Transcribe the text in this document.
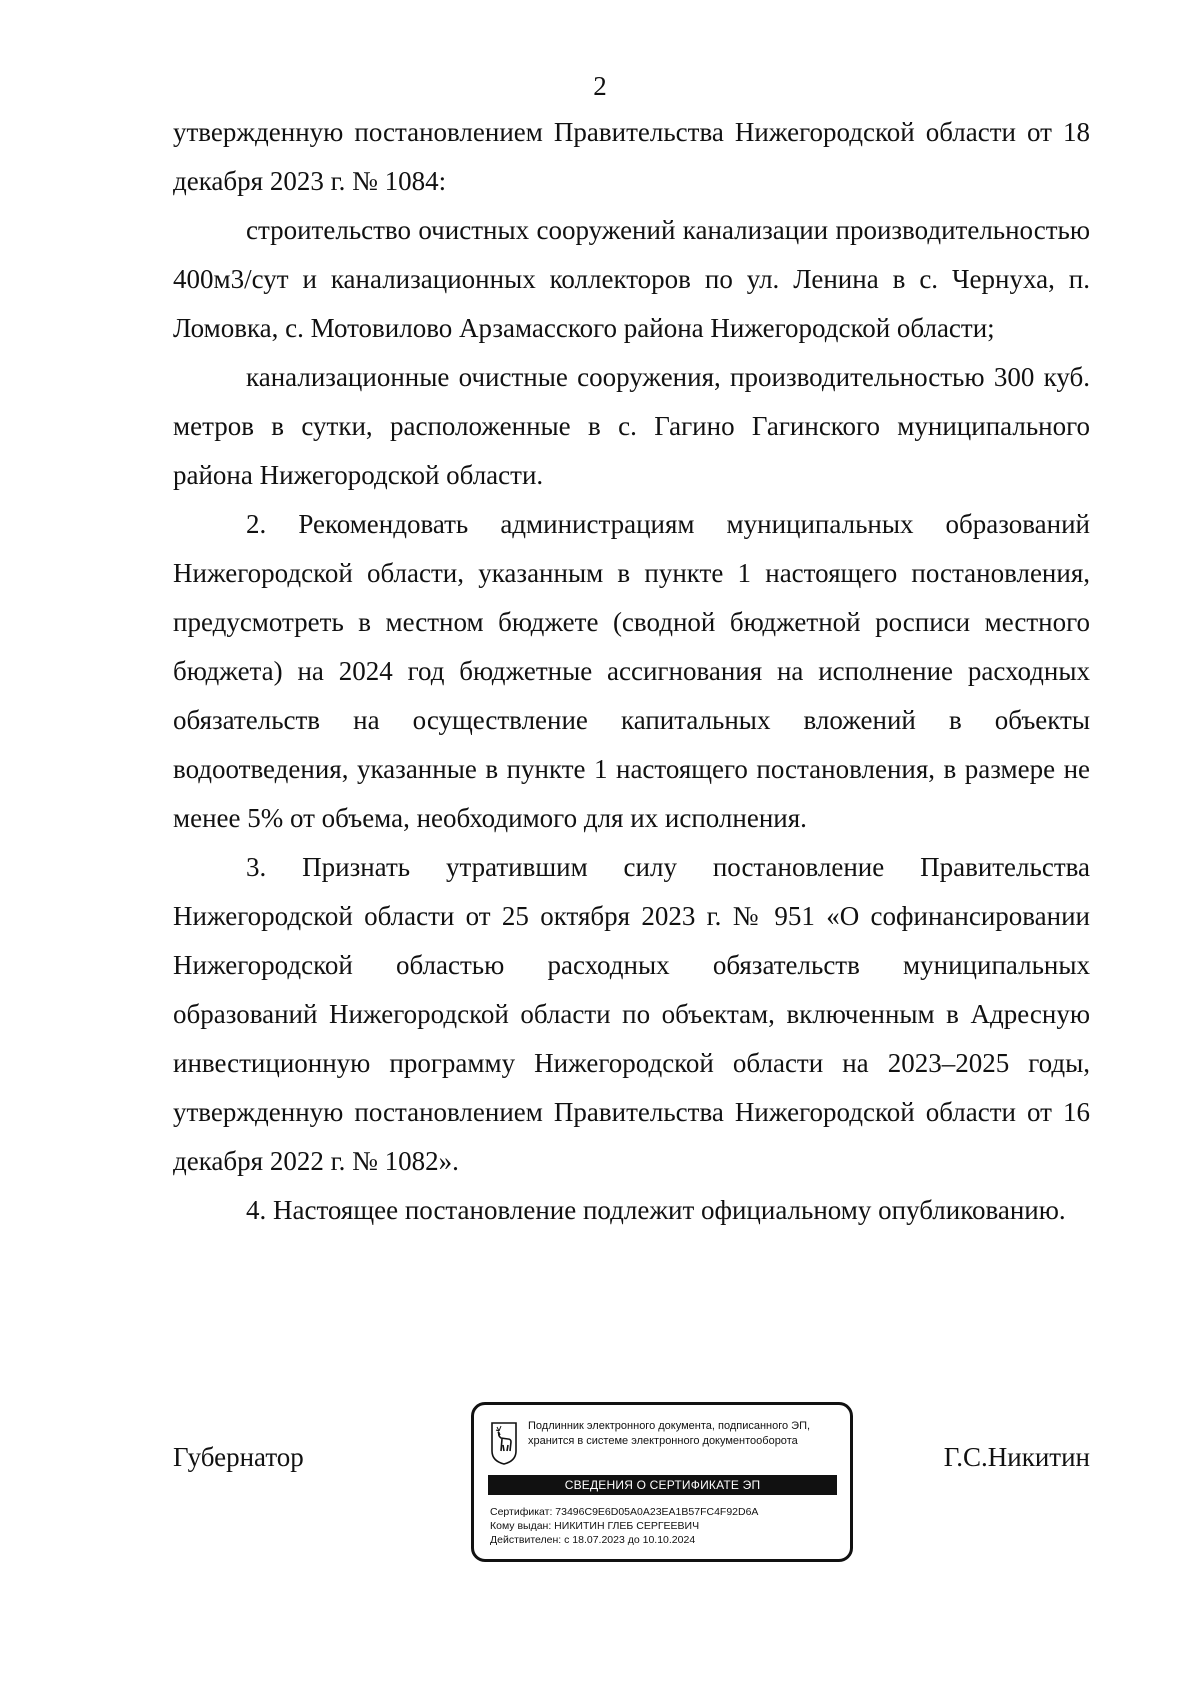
2

утвержденную постановлением Правительства Нижегородской области от 18 декабря 2023 г. № 1084:

строительство очистных сооружений канализации производительностью 400м3/сут и канализационных коллекторов по ул. Ленина в с. Чернуха, п. Ломовка, с. Мотовилово Арзамасского района Нижегородской области;

канализационные очистные сооружения, производительностью 300 куб. метров в сутки, расположенные в с. Гагино Гагинского муниципального района Нижегородской области.

2. Рекомендовать администрациям муниципальных образований Нижегородской области, указанным в пункте 1 настоящего постановления, предусмотреть в местном бюджете (сводной бюджетной росписи местного бюджета) на 2024 год бюджетные ассигнования на исполнение расходных обязательств на осуществление капитальных вложений в объекты водоотведения, указанные в пункте 1 настоящего постановления, в размере не менее 5% от объема, необходимого для их исполнения.

3. Признать утратившим силу постановление Правительства Нижегородской области от 25 октября 2023 г. № 951 «О софинансировании Нижегородской областью расходных обязательств муниципальных образований Нижегородской области по объектам, включенным в Адресную инвестиционную программу Нижегородской области на 2023–2025 годы, утвержденную постановлением Правительства Нижегородской области от 16 декабря 2022 г. № 1082».

4. Настоящее постановление подлежит официальному опубликованию.

Губернатор	Г.С.Никитин
Подлинник электронного документа, подписанного ЭП,
хранится в системе электронного документооборота
СВЕДЕНИЯ О СЕРТИФИКАТЕ ЭП
Сертификат: 73496C9E6D05A0A23EA1B57FC4F92D6A
Кому выдан: НИКИТИН ГЛЕБ СЕРГЕЕВИЧ
Действителен: с 18.07.2023 до 10.10.2024
